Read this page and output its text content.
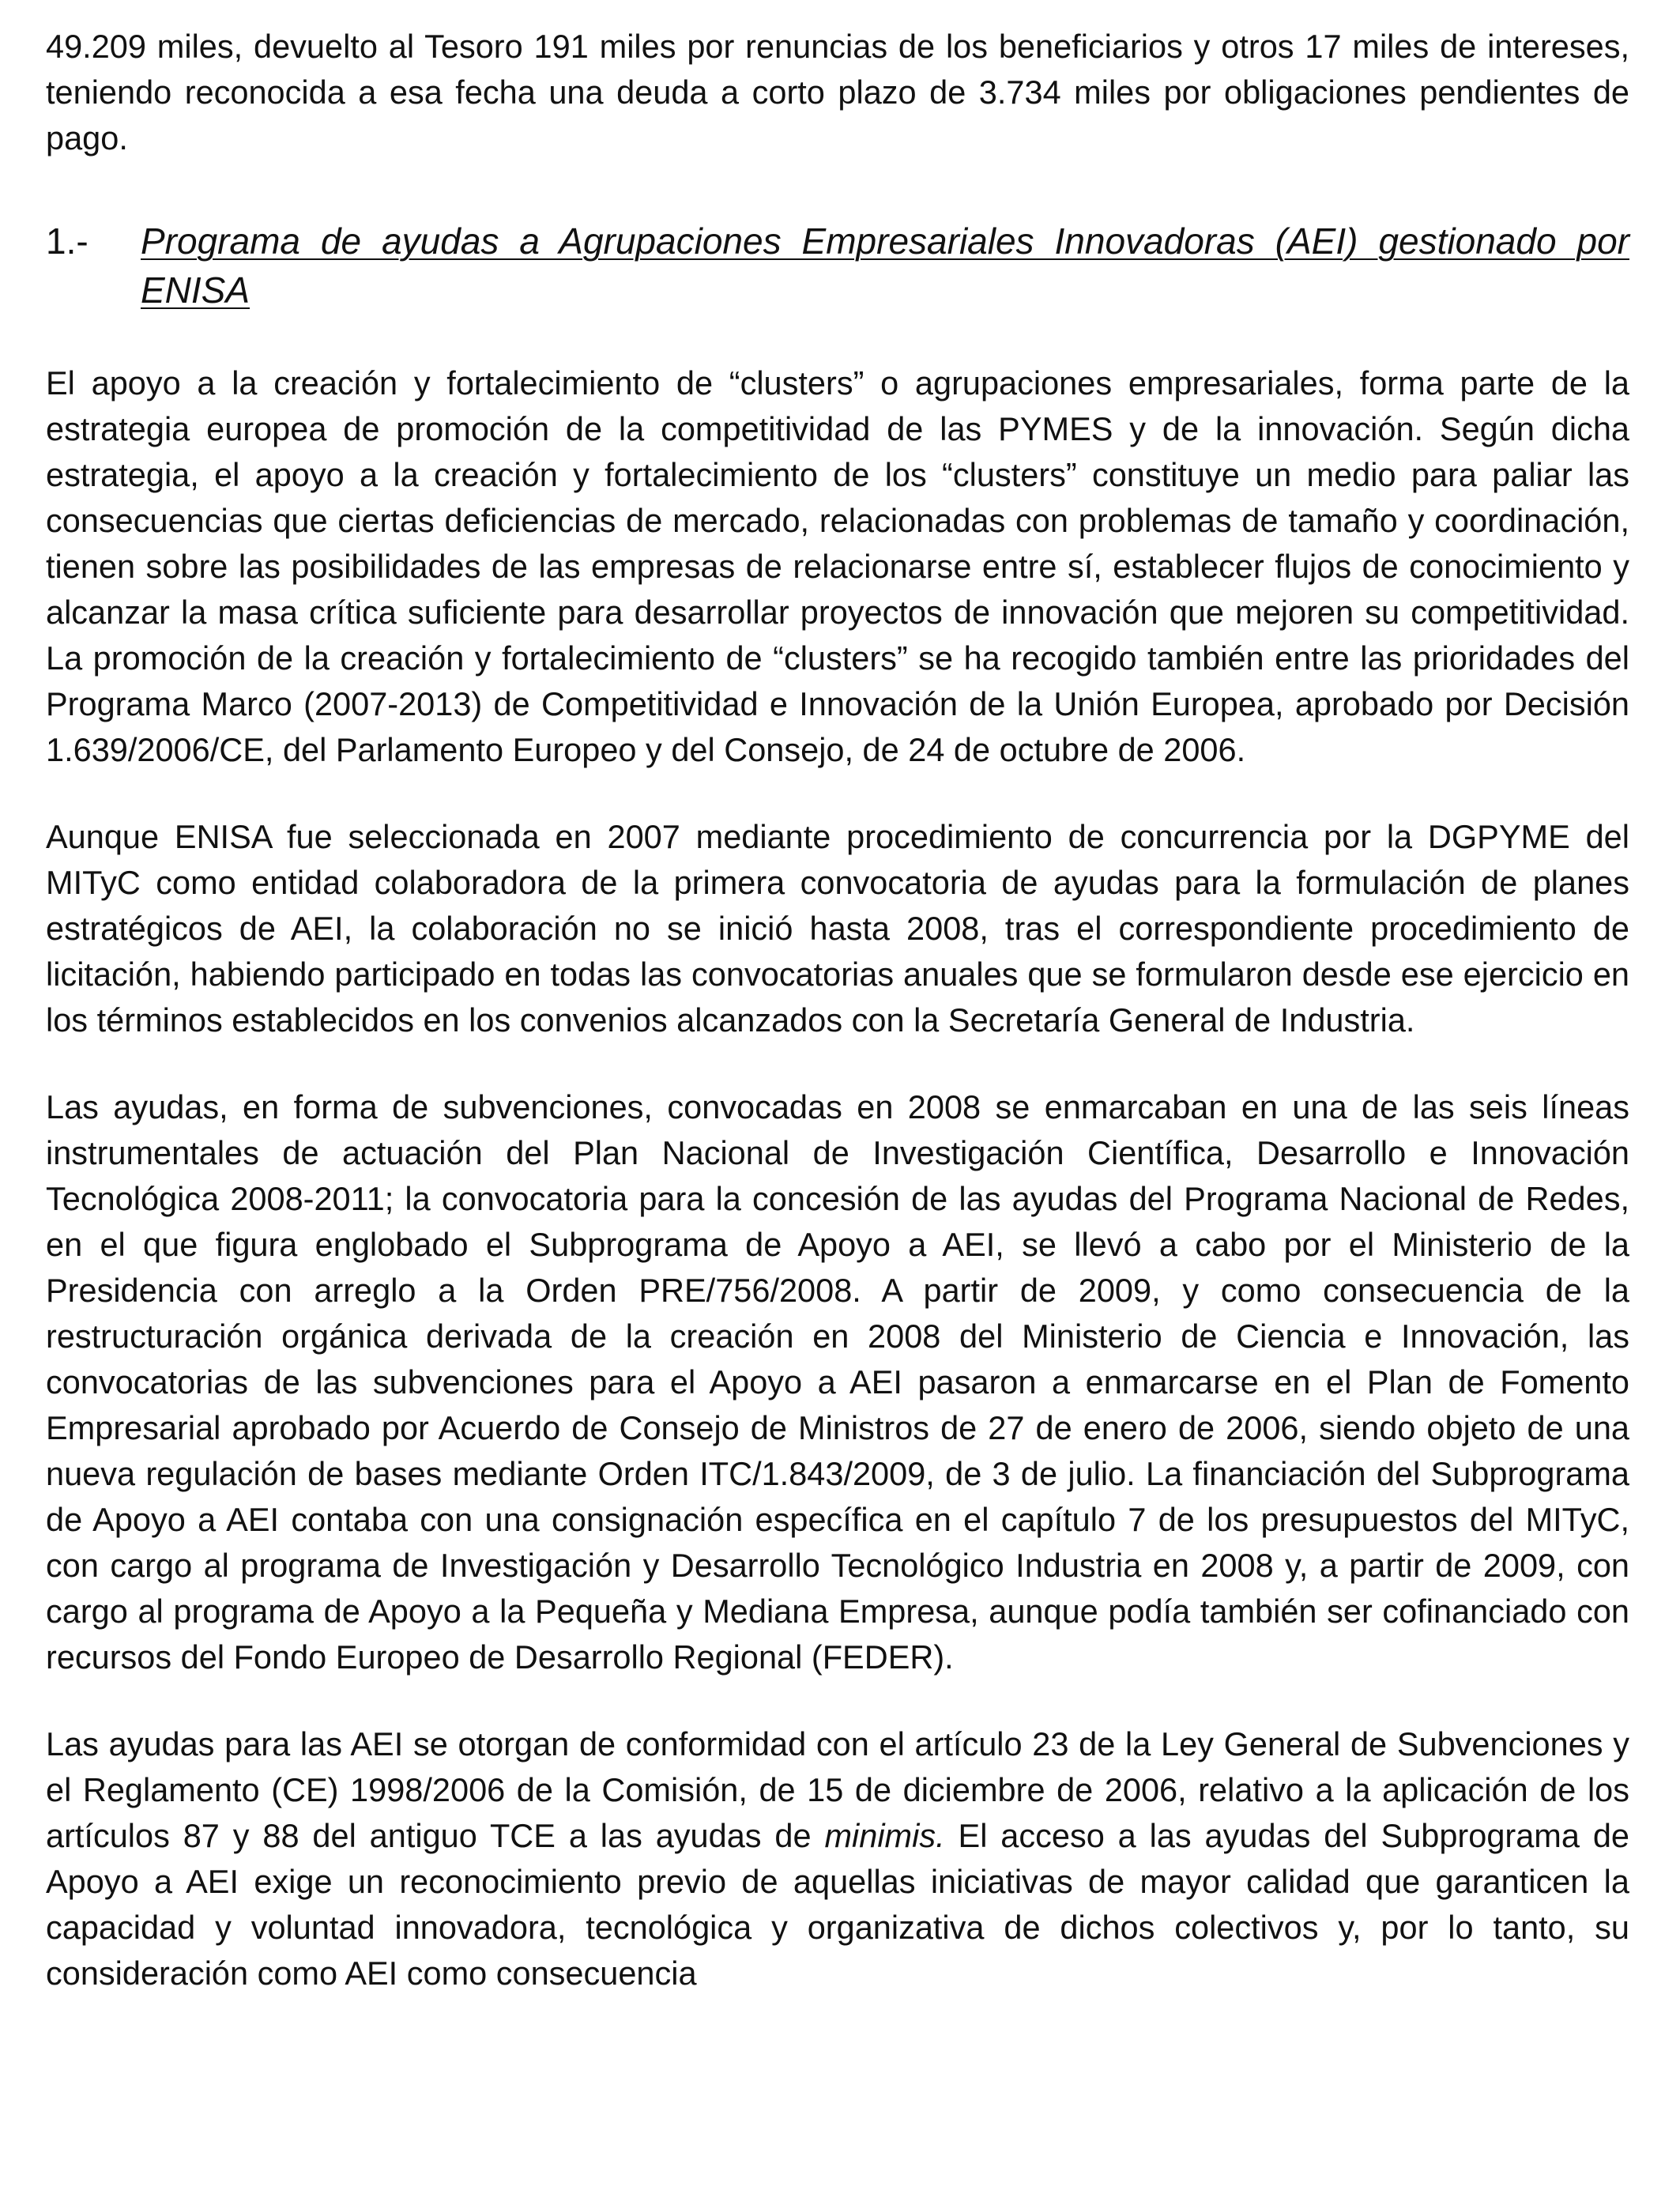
49.209 miles, devuelto al Tesoro 191 miles por renuncias de los beneficiarios y otros 17 miles de intereses, teniendo reconocida a esa fecha una deuda a corto plazo de 3.734 miles por obligaciones pendientes de pago.

1.-	Programa de ayudas a Agrupaciones Empresariales Innovadoras (AEI) gestionado por ENISA

El apoyo a la creación y fortalecimiento de “clusters” o agrupaciones empresariales, forma parte de la estrategia europea de promoción de la competitividad de las PYMES y de la innovación. Según dicha estrategia, el apoyo a la creación y fortalecimiento de los “clusters” constituye un medio para paliar las consecuencias que ciertas deficiencias de mercado, relacionadas con problemas de tamaño y coordinación, tienen sobre las posibilidades de las empresas de relacionarse entre sí, establecer flujos de conocimiento y alcanzar la masa crítica suficiente para desarrollar proyectos de innovación que mejoren su competitividad. La promoción de la creación y fortalecimiento de “clusters” se ha recogido también entre las prioridades del Programa Marco (2007-2013) de Competitividad e Innovación de la Unión Europea, aprobado por Decisión 1.639/2006/CE, del Parlamento Europeo y del Consejo, de 24 de octubre de 2006.

Aunque ENISA fue seleccionada en 2007 mediante procedimiento de concurrencia por la DGPYME del MITyC como entidad colaboradora de la primera convocatoria de ayudas para la formulación de planes estratégicos de AEI, la colaboración no se inició hasta 2008, tras el correspondiente procedimiento de licitación, habiendo participado en todas las convocatorias anuales que se formularon desde ese ejercicio en los términos establecidos en los convenios alcanzados con la Secretaría General de Industria.

Las ayudas, en forma de subvenciones, convocadas en 2008 se enmarcaban en una de las seis líneas instrumentales de actuación del Plan Nacional de Investigación Científica, Desarrollo e Innovación Tecnológica 2008-2011; la convocatoria para la concesión de las ayudas del Programa Nacional de Redes, en el que figura englobado el Subprograma de Apoyo a AEI, se llevó a cabo por el Ministerio de la Presidencia con arreglo a la Orden PRE/756/2008. A partir de 2009, y como consecuencia de la restructuración orgánica derivada de la creación en 2008 del Ministerio de Ciencia e Innovación, las convocatorias de las subvenciones para el Apoyo a AEI pasaron a enmarcarse en el Plan de Fomento Empresarial aprobado por Acuerdo de Consejo de Ministros de 27 de enero de 2006, siendo objeto de una nueva regulación de bases mediante Orden ITC/1.843/2009, de 3 de julio. La financiación del Subprograma de Apoyo a AEI contaba con una consignación específica en el capítulo 7 de los presupuestos del MITyC, con cargo al programa de Investigación y Desarrollo Tecnológico Industria en 2008 y, a partir de 2009, con cargo al programa de Apoyo a la Pequeña y Mediana Empresa, aunque podía también ser cofinanciado con recursos del Fondo Europeo de Desarrollo Regional (FEDER).

Las ayudas para las AEI se otorgan de conformidad con el artículo 23 de la Ley General de Subvenciones y el Reglamento (CE) 1998/2006 de la Comisión, de 15 de diciembre de 2006, relativo a la aplicación de los artículos 87 y 88 del antiguo TCE a las ayudas de minimis. El acceso a las ayudas del Subprograma de Apoyo a AEI exige un reconocimiento previo de aquellas iniciativas de mayor calidad que garanticen la capacidad y voluntad innovadora, tecnológica y organizativa de dichos colectivos y, por lo tanto, su consideración como AEI como consecuencia
